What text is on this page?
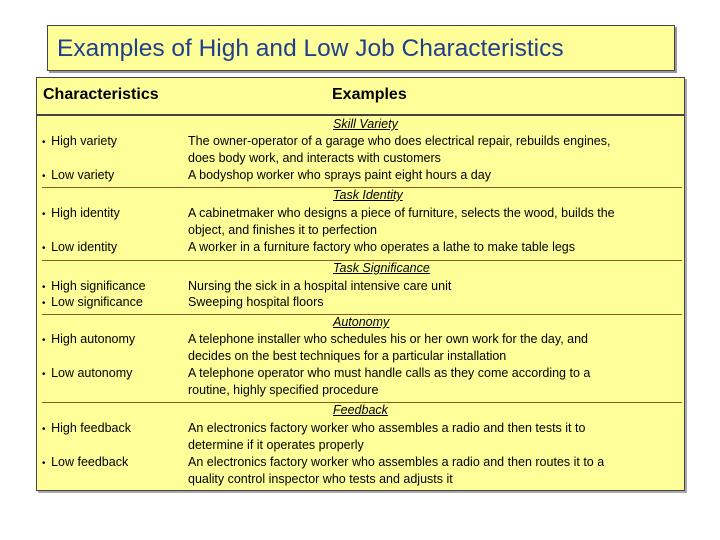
Examples of High and Low Job Characteristics
Characteristics	Examples
Skill Variety
•  High variety	The owner-operator of a garage who does electrical repair, rebuilds engines,
does body work, and interacts with customers
•  Low variety	A bodyshop worker who sprays paint eight hours a day
Task Identity
•  High identity	A cabinetmaker who designs a piece of furniture, selects the wood, builds the
object, and finishes it to perfection
•  Low identity	A worker in a furniture factory who operates a lathe to make table legs
Task Significance
•  High significance	Nursing the sick in a hospital intensive care unit
•  Low significance	Sweeping hospital floors
Autonomy
•  High autonomy	A telephone installer who schedules his or her own work for the day, and
decides on the best techniques for a particular installation
•  Low autonomy	A telephone operator who must handle calls as they come according to a
routine, highly specified procedure
Feedback
•  High feedback	An electronics factory worker who assembles a radio and then tests it to
determine if it operates properly
•  Low feedback	An electronics factory worker who assembles a radio and then routes it to a
quality control inspector who tests and adjusts it
